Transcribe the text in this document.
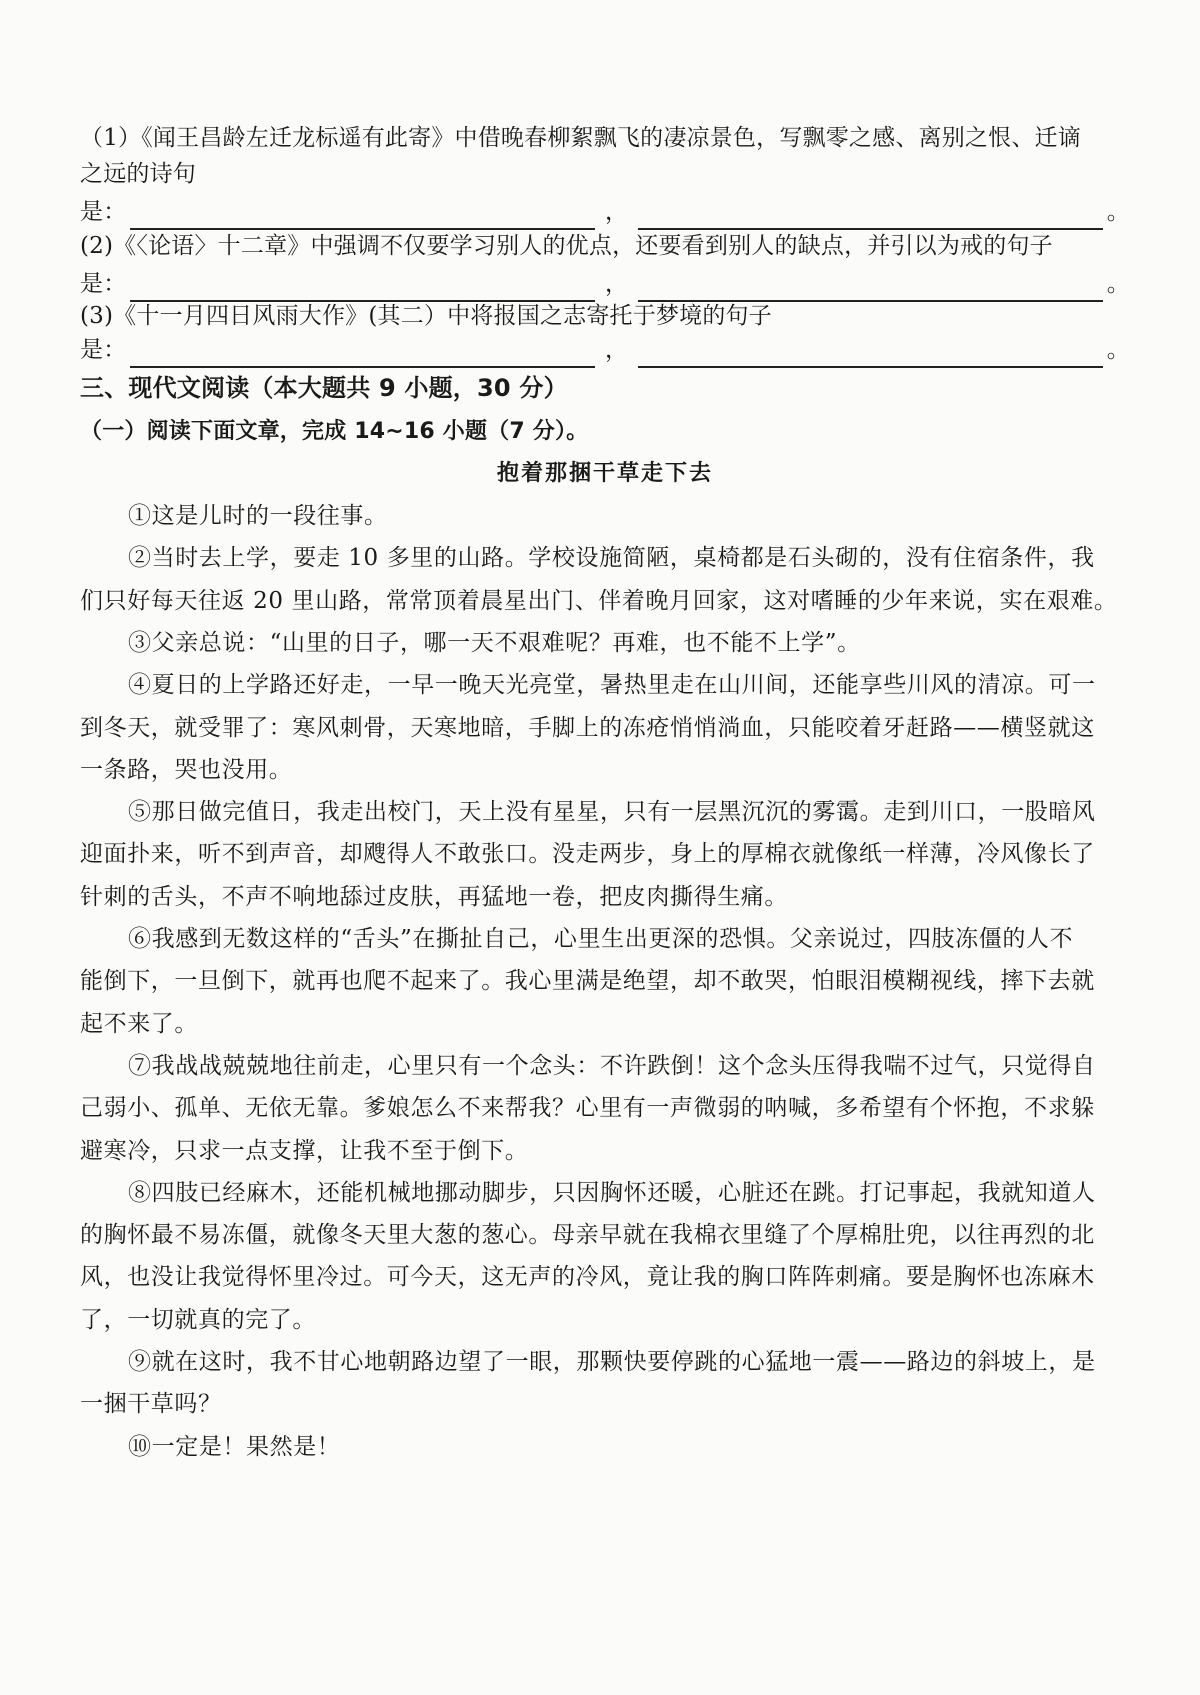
（1）《闻王昌龄左迁龙标遥有此寄》中借晚春柳絮飘飞的凄凉景色，写飘零之感、离别之恨、迁谪
之远的诗句
是：	，	。
(2)《〈论语〉十二章》中强调不仅要学习别人的优点，还要看到别人的缺点，并引以为戒的句子
是：	，	。
(3)《十一月四日风雨大作》(其二）中将报国之志寄托于梦境的句子
是：	，	。
三、现代文阅读（本大题共 9 小题，30 分）
（一）阅读下面文章，完成 14~16 小题（7 分）。
抱着那捆干草走下去
①这是儿时的一段往事。
②当时去上学，要走 10 多里的山路。学校设施简陋，桌椅都是石头砌的，没有住宿条件，我
们只好每天往返 20 里山路，常常顶着晨星出门、伴着晚月回家，这对嗜睡的少年来说，实在艰难。
③父亲总说：“山里的日子，哪一天不艰难呢？再难，也不能不上学”。
④夏日的上学路还好走，一早一晚天光亮堂，暑热里走在山川间，还能享些川风的清凉。可一
到冬天，就受罪了：寒风刺骨，天寒地暗，手脚上的冻疮悄悄淌血，只能咬着牙赶路——横竖就这
一条路，哭也没用。
⑤那日做完值日，我走出校门，天上没有星星，只有一层黑沉沉的雾霭。走到川口，一股暗风
迎面扑来，听不到声音，却飕得人不敢张口。没走两步，身上的厚棉衣就像纸一样薄，冷风像长了
针刺的舌头，不声不响地舔过皮肤，再猛地一卷，把皮肉撕得生痛。
⑥我感到无数这样的“舌头”在撕扯自己，心里生出更深的恐惧。父亲说过，四肢冻僵的人不
能倒下，一旦倒下，就再也爬不起来了。我心里满是绝望，却不敢哭，怕眼泪模糊视线，摔下去就
起不来了。
⑦我战战兢兢地往前走，心里只有一个念头：不许跌倒！这个念头压得我喘不过气，只觉得自
己弱小、孤单、无依无靠。爹娘怎么不来帮我？心里有一声微弱的呐喊，多希望有个怀抱，不求躲
避寒冷，只求一点支撑，让我不至于倒下。
⑧四肢已经麻木，还能机械地挪动脚步，只因胸怀还暖，心脏还在跳。打记事起，我就知道人
的胸怀最不易冻僵，就像冬天里大葱的葱心。母亲早就在我棉衣里缝了个厚棉肚兜，以往再烈的北
风，也没让我觉得怀里冷过。可今天，这无声的冷风，竟让我的胸口阵阵刺痛。要是胸怀也冻麻木
了，一切就真的完了。
⑨就在这时，我不甘心地朝路边望了一眼，那颗快要停跳的心猛地一震——路边的斜坡上，是
一捆干草吗？
⑩一定是！果然是！
